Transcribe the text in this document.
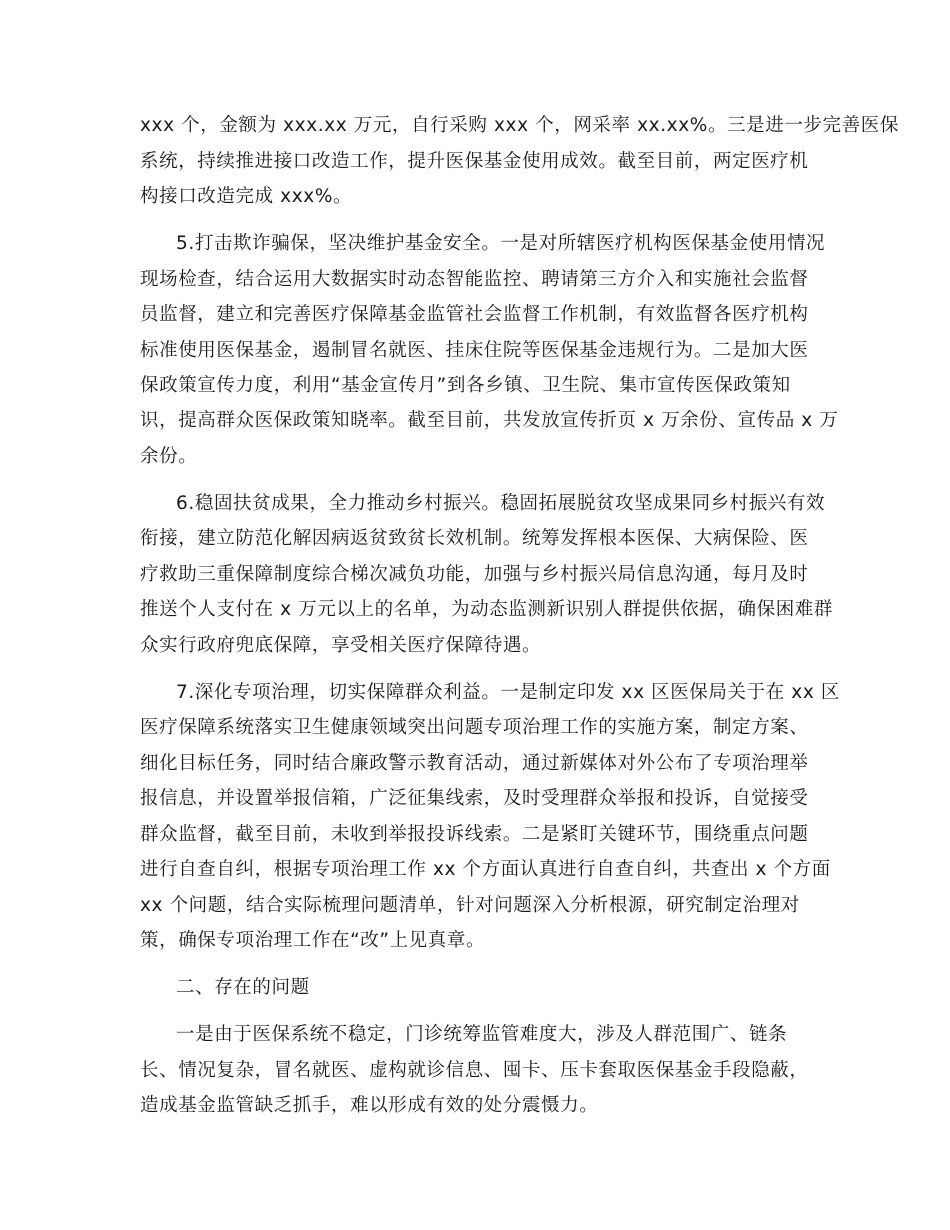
xxx 个，金额为 xxx.xx 万元，自行采购 xxx 个，网采率 xx.xx%。三是进一步完善医保
系统，持续推进接口改造工作，提升医保基金使用成效。截至目前，两定医疗机
构接口改造完成 xxx%。
5.打击欺诈骗保，坚决维护基金安全。一是对所辖医疗机构医保基金使用情况
现场检查，结合运用大数据实时动态智能监控、聘请第三方介入和实施社会监督
员监督，建立和完善医疗保障基金监管社会监督工作机制，有效监督各医疗机构
标准使用医保基金，遏制冒名就医、挂床住院等医保基金违规行为。二是加大医
保政策宣传力度，利用“基金宣传月”到各乡镇、卫生院、集市宣传医保政策知
识，提高群众医保政策知晓率。截至目前，共发放宣传折页 x 万余份、宣传品 x 万
余份。
6.稳固扶贫成果，全力推动乡村振兴。稳固拓展脱贫攻坚成果同乡村振兴有效
衔接，建立防范化解因病返贫致贫长效机制。统筹发挥根本医保、大病保险、医
疗救助三重保障制度综合梯次减负功能，加强与乡村振兴局信息沟通，每月及时
推送个人支付在 x 万元以上的名单，为动态监测新识别人群提供依据，确保困难群
众实行政府兜底保障，享受相关医疗保障待遇。
7.深化专项治理，切实保障群众利益。一是制定印发 xx 区医保局关于在 xx 区
医疗保障系统落实卫生健康领域突出问题专项治理工作的实施方案，制定方案、
细化目标任务，同时结合廉政警示教育活动，通过新媒体对外公布了专项治理举
报信息，并设置举报信箱，广泛征集线索，及时受理群众举报和投诉，自觉接受
群众监督，截至目前，未收到举报投诉线索。二是紧盯关键环节，围绕重点问题
进行自查自纠，根据专项治理工作 xx 个方面认真进行自查自纠，共查出 x 个方面
xx 个问题，结合实际梳理问题清单，针对问题深入分析根源，研究制定治理对
策，确保专项治理工作在“改”上见真章。
二、存在的问题
一是由于医保系统不稳定，门诊统筹监管难度大，涉及人群范围广、链条
长、情况复杂，冒名就医、虚构就诊信息、囤卡、压卡套取医保基金手段隐蔽，
造成基金监管缺乏抓手，难以形成有效的处分震慑力。
